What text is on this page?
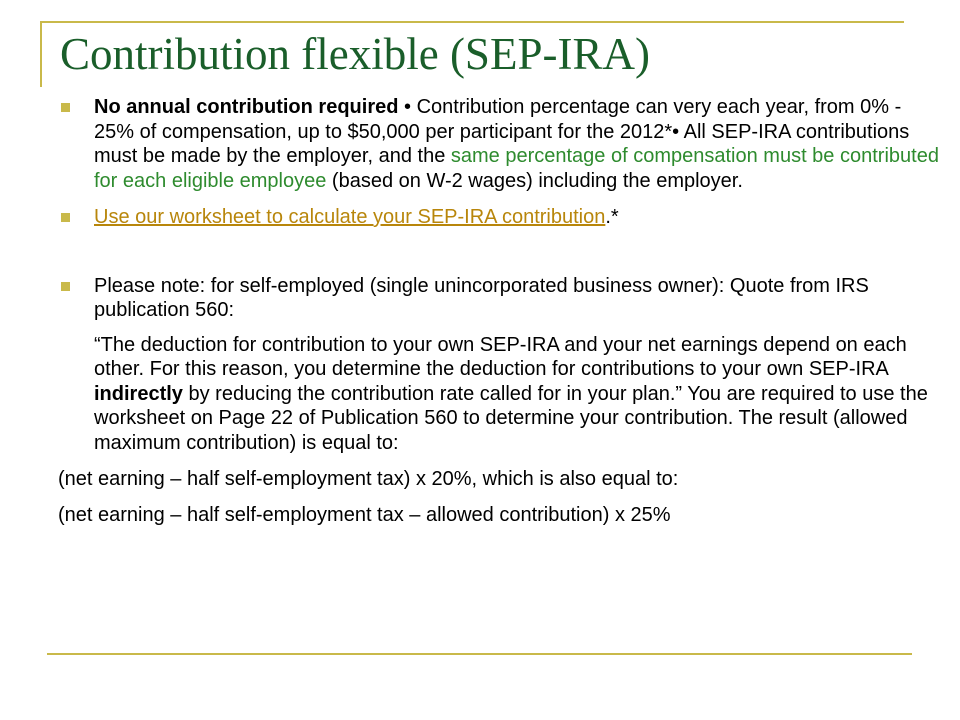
Contribution flexible (SEP-IRA)
No annual contribution required • Contribution percentage can very each year, from 0% - 25% of compensation, up to $50,000 per participant for the 2012*• All SEP-IRA contributions must be made by the employer, and the same percentage of compensation must be contributed for each eligible employee (based on W-2 wages) including the employer.
Use our worksheet to calculate your SEP-IRA contribution.*
Please note: for self-employed (single unincorporated business owner): Quote from IRS publication 560:
“The deduction for contribution to your own SEP-IRA and your net earnings depend on each other. For this reason, you determine the deduction for contributions to your own SEP-IRA indirectly by reducing the contribution rate called for in your plan.” You are required to use the worksheet on Page 22 of Publication 560 to determine your contribution. The result (allowed maximum contribution) is equal to:
(net earning – half self-employment tax) x 20%, which is also equal to:
(net earning – half self-employment tax – allowed contribution) x 25%
